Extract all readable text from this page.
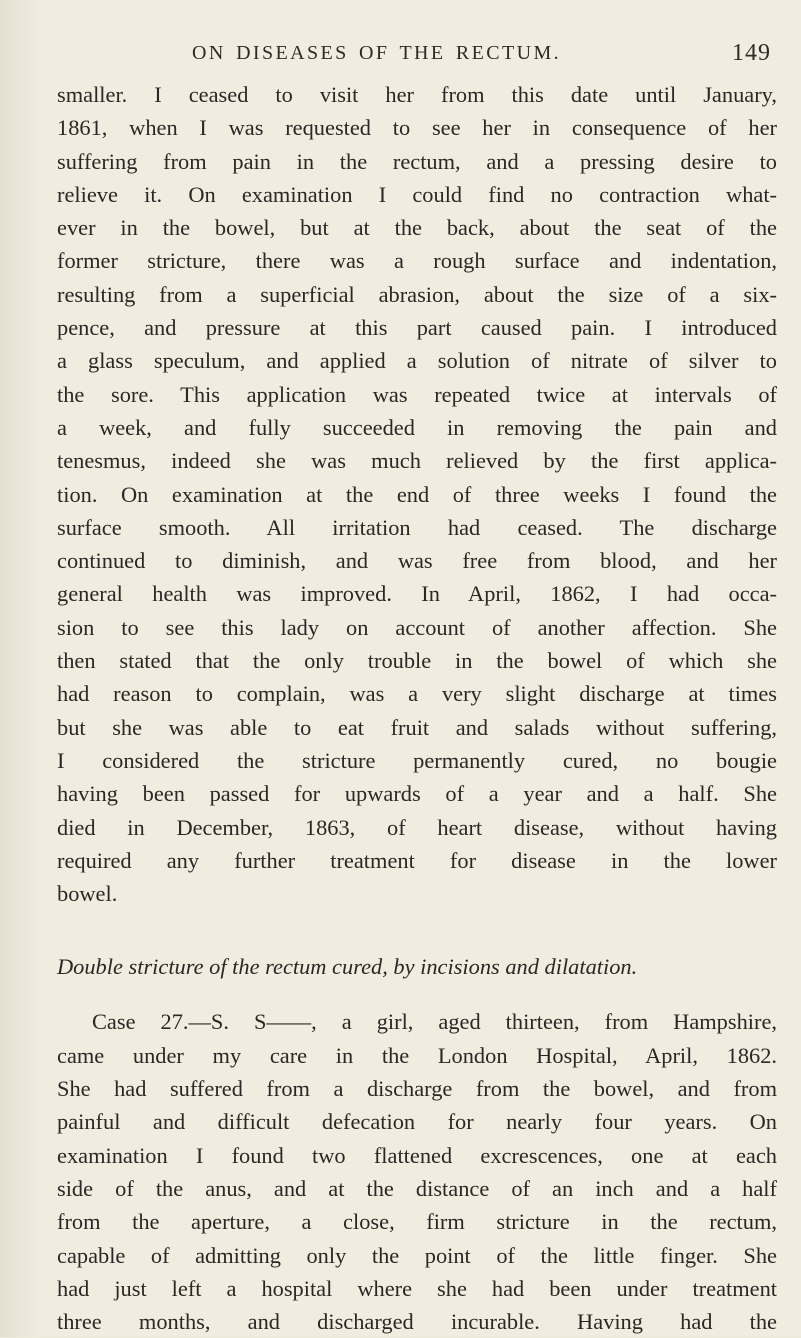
ON DISEASES OF THE RECTUM.	149
smaller. I ceased to visit her from this date until January,
1861, when I was requested to see her in consequence of her
suffering from pain in the rectum, and a pressing desire to
relieve it. On examination I could find no contraction what-
ever in the bowel, but at the back, about the seat of the
former stricture, there was a rough surface and indentation,
resulting from a superficial abrasion, about the size of a six-
pence, and pressure at this part caused pain. I introduced
a glass speculum, and applied a solution of nitrate of silver to
the sore. This application was repeated twice at intervals of
a week, and fully succeeded in removing the pain and
tenesmus, indeed she was much relieved by the first applica-
tion. On examination at the end of three weeks I found the
surface smooth. All irritation had ceased. The discharge
continued to diminish, and was free from blood, and her
general health was improved. In April, 1862, I had occa-
sion to see this lady on account of another affection. She
then stated that the only trouble in the bowel of which she
had reason to complain, was a very slight discharge at times
but she was able to eat fruit and salads without suffering,
I considered the stricture permanently cured, no bougie
having been passed for upwards of a year and a half. She
died in December, 1863, of heart disease, without having
required any further treatment for disease in the lower
bowel.
Double stricture of the rectum cured, by incisions and dilatation.
Case 27.—S. S——, a girl, aged thirteen, from Hampshire,
came under my care in the London Hospital, April, 1862.
She had suffered from a discharge from the bowel, and from
painful and difficult defecation for nearly four years. On
examination I found two flattened excrescences, one at each
side of the anus, and at the distance of an inch and a half
from the aperture, a close, firm stricture in the rectum,
capable of admitting only the point of the little finger. She
had just left a hospital where she had been under treatment
three months, and discharged incurable. Having had the
